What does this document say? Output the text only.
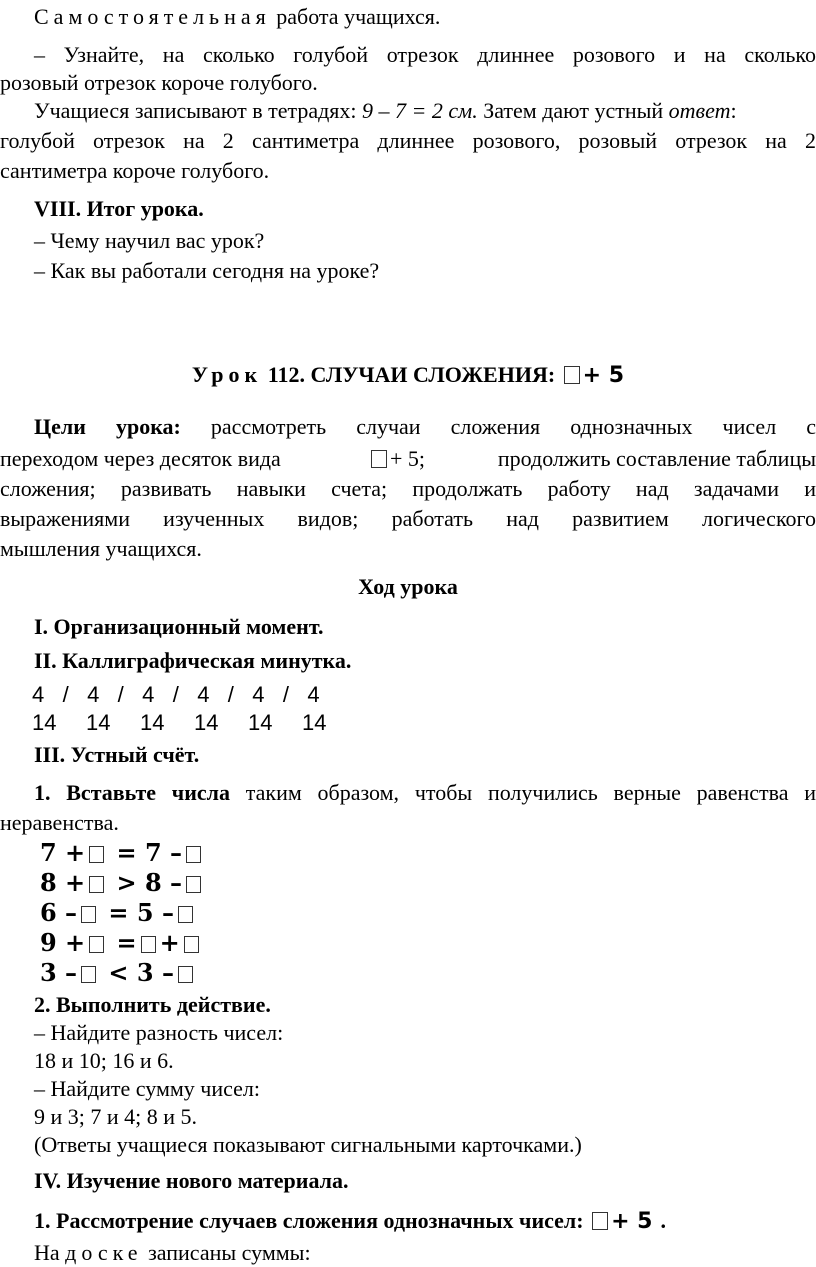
Самостоятельная работа учащихся.
– Узнайте, на сколько голубой отрезок длиннее розового и на сколько
розовый отрезок короче голубого.
Учащиеся записывают в тетрадях: 9 – 7 = 2 см. Затем дают устный ответ:
голубой отрезок на 2 сантиметра длиннее розового, розовый отрезок на 2
сантиметра короче голубого.
VIII. Итог урока.
– Чему научил вас урок?
– Как вы работали сегодня на уроке?
Урок 112. СЛУЧАИ СЛОЖЕНИЯ: + 5
Цели урока: рассмотреть случаи сложения однозначных чисел с
переходом через десяток вида	+ 5;	продолжить составление таблицы
сложения; развивать навыки счета; продолжать работу над задачами и
выражениями изученных видов; работать над развитием логического
мышления учащихся.
Ход урока
I. Организационный момент.
II. Каллиграфическая минутка.
4 / 4 / 4 / 4 / 4 / 4
14 14 14 14 14 14
III. Устный счёт.
1. Вставьте числа таким образом, чтобы получились верные равенства и
неравенства.
7 + = 7 –
8 + > 8 –
6 – = 5 –
9 + = +
3 – < 3 –
2. Выполнить действие.
– Найдите разность чисел:
18 и 10; 16 и 6.
– Найдите сумму чисел:
9 и 3; 7 и 4; 8 и 5.
(Ответы учащиеся показывают сигнальными карточками.)
IV. Изучение нового материала.
1. Рассмотрение случаев сложения однозначных чисел: + 5 .
На доске записаны суммы:
